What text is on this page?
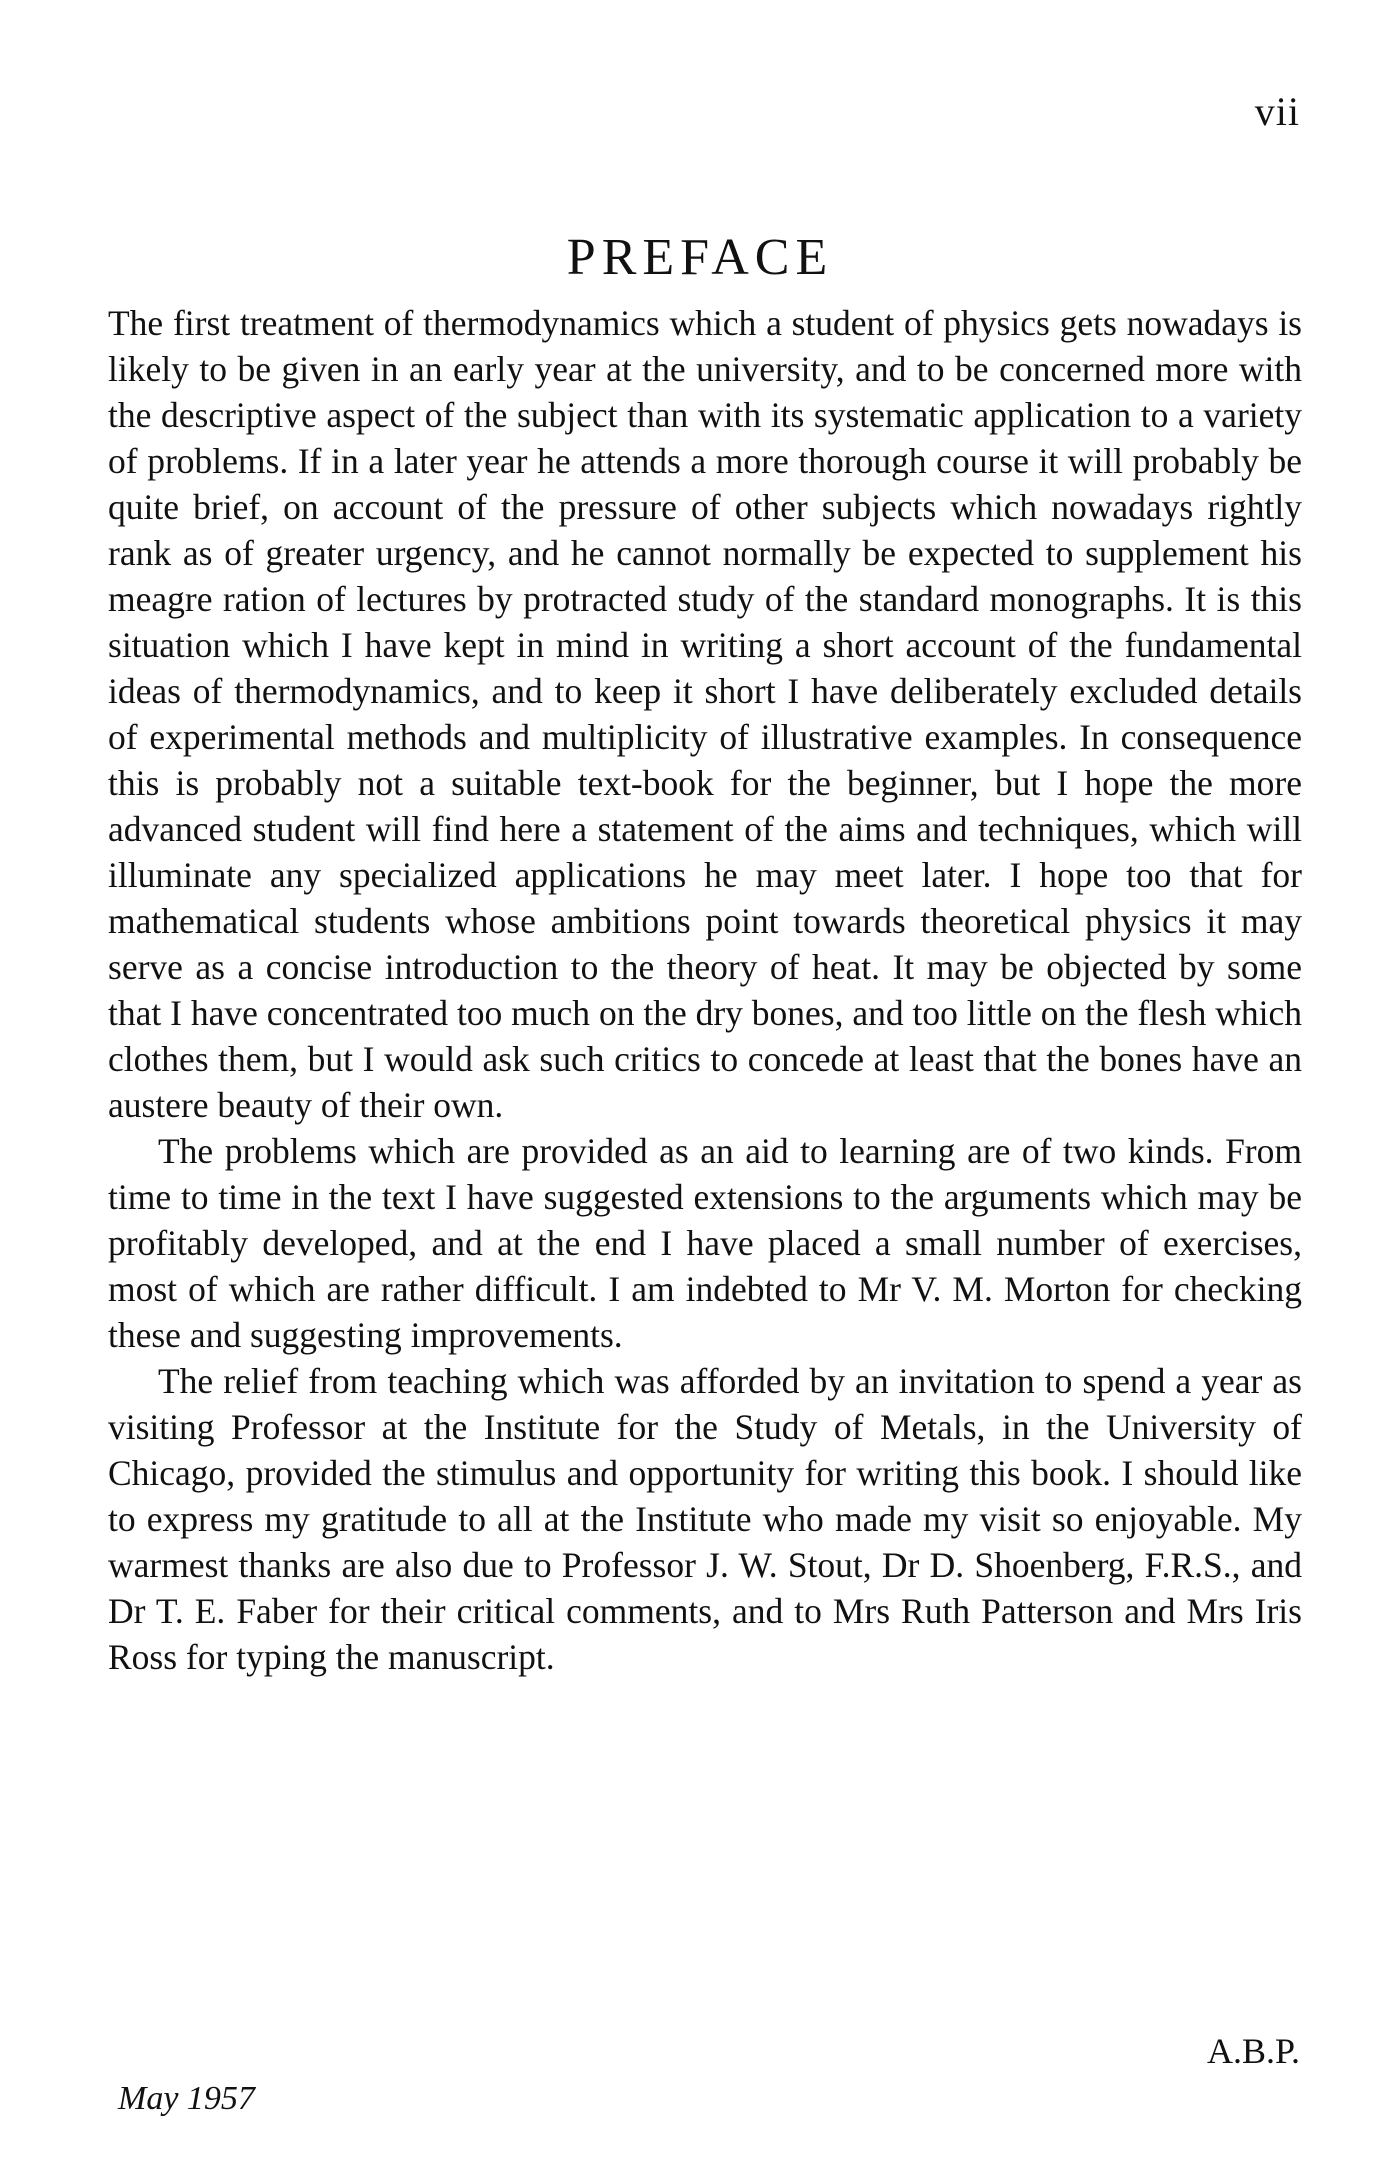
vii
PREFACE

The first treatment of thermodynamics which a student of physics gets nowadays is likely to be given in an early year at the university, and to be concerned more with the descriptive aspect of the subject than with its systematic application to a variety of problems. If in a later year he attends a more thorough course it will probably be quite brief, on account of the pressure of other subjects which nowadays rightly rank as of greater urgency, and he cannot normally be expected to supplement his meagre ration of lectures by protracted study of the standard monographs. It is this situation which I have kept in mind in writing a short account of the fundamental ideas of thermodynamics, and to keep it short I have deliberately excluded details of experimental methods and multiplicity of illustrative examples. In consequence this is probably not a suitable text-book for the beginner, but I hope the more advanced student will find here a statement of the aims and techniques, which will illuminate any specialized applications he may meet later. I hope too that for mathematical students whose ambitions point towards theoretical physics it may serve as a concise introduction to the theory of heat. It may be objected by some that I have concentrated too much on the dry bones, and too little on the flesh which clothes them, but I would ask such critics to concede at least that the bones have an austere beauty of their own.

The problems which are provided as an aid to learning are of two kinds. From time to time in the text I have suggested extensions to the arguments which may be profitably developed, and at the end I have placed a small number of exercises, most of which are rather difficult. I am indebted to Mr V. M. Morton for checking these and suggesting improvements.

The relief from teaching which was afforded by an invitation to spend a year as visiting Professor at the Institute for the Study of Metals, in the University of Chicago, provided the stimulus and opportunity for writing this book. I should like to express my gratitude to all at the Institute who made my visit so enjoyable. My warmest thanks are also due to Professor J. W. Stout, Dr D. Shoenberg, F.R.S., and Dr T. E. Faber for their critical comments, and to Mrs Ruth Patterson and Mrs Iris Ross for typing the manuscript.

A.B.P.
May 1957
